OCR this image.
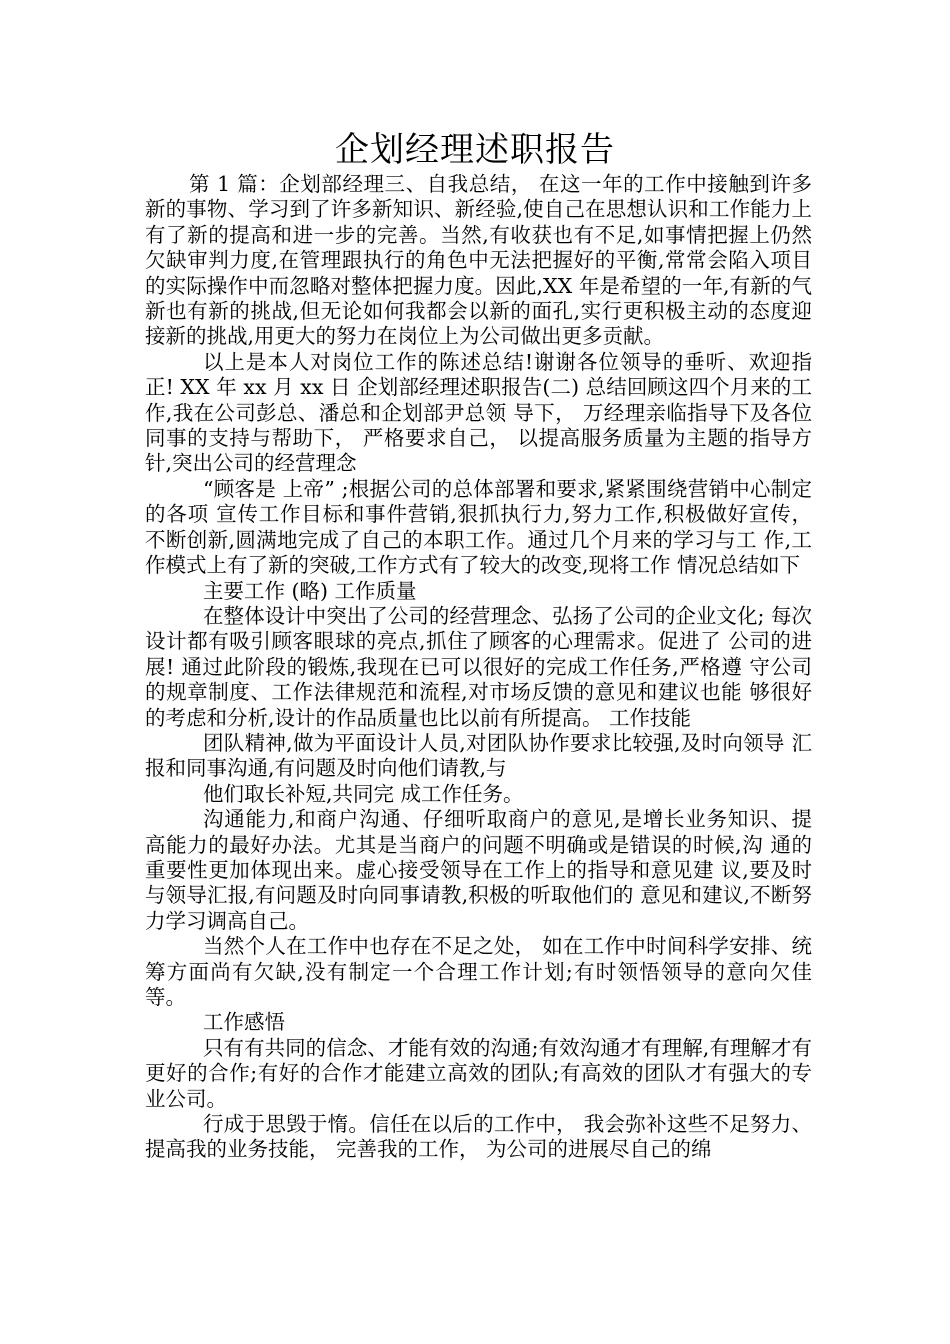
企划经理述职报告

第 1 篇：企划部经理三、自我总结， 在这一年的工作中接触到许多新的事物、学习到了许多新知识、新经验,使自己在思想认识和工作能力上有了新的提高和进一步的完善。当然,有收获也有不足,如事情把握上仍然欠缺审判力度,在管理跟执行的角色中无法把握好的平衡,常常会陷入项目的实际操作中而忽略对整体把握力度。因此,XX 年是希望的一年,有新的气新也有新的挑战,但无论如何我都会以新的面孔,实行更积极主动的态度迎接新的挑战,用更大的努力在岗位上为公司做出更多贡献。

以上是本人对岗位工作的陈述总结!谢谢各位领导的垂听、欢迎指正! XX 年 xx 月 xx 日 企划部经理述职报告(二) 总结回顾这四个月来的工作,我在公司彭总、潘总和企划部尹总领 导下， 万经理亲临指导下及各位同事的支持与帮助下， 严格要求自己， 以提高服务质量为主题的指导方针,突出公司的经营理念

“顾客是 上帝” ;根据公司的总体部署和要求,紧紧围绕营销中心制定的各项 宣传工作目标和事件营销,狠抓执行力,努力工作,积极做好宣传， 不断创新,圆满地完成了自己的本职工作。通过几个月来的学习与工 作,工作模式上有了新的突破,工作方式有了较大的改变,现将工作 情况总结如下

主要工作 (略) 工作质量

在整体设计中突出了公司的经营理念、弘扬了公司的企业文化; 每次设计都有吸引顾客眼球的亮点,抓住了顾客的心理需求。促进了 公司的进展! 通过此阶段的锻炼,我现在已可以很好的完成工作任务,严格遵 守公司的规章制度、工作法律规范和流程,对市场反馈的意见和建议也能 够很好的考虑和分析,设计的作品质量也比以前有所提高。 工作技能

团队精神,做为平面设计人员,对团队协作要求比较强,及时向领导 汇报和同事沟通,有问题及时向他们请教,与

他们取长补短,共同完 成工作任务。

沟通能力,和商户沟通、仔细听取商户的意见,是增长业务知识、提 高能力的最好办法。尤其是当商户的问题不明确或是错误的时候,沟 通的重要性更加体现出来。虚心接受领导在工作上的指导和意见建 议,要及时与领导汇报,有问题及时向同事请教,积极的听取他们的 意见和建议,不断努力学习调高自己。

当然个人在工作中也存在不足之处， 如在工作中时间科学安排、统筹方面尚有欠缺,没有制定一个合理工作计划;有时领悟领导的意向欠佳等。

工作感悟

只有有共同的信念、才能有效的沟通;有效沟通才有理解,有理解才有更好的合作;有好的合作才能建立高效的团队;有高效的团队才有强大的专业公司。

行成于思毁于惰。信任在以后的工作中， 我会弥补这些不足努力、提高我的业务技能， 完善我的工作， 为公司的进展尽自己的绵
